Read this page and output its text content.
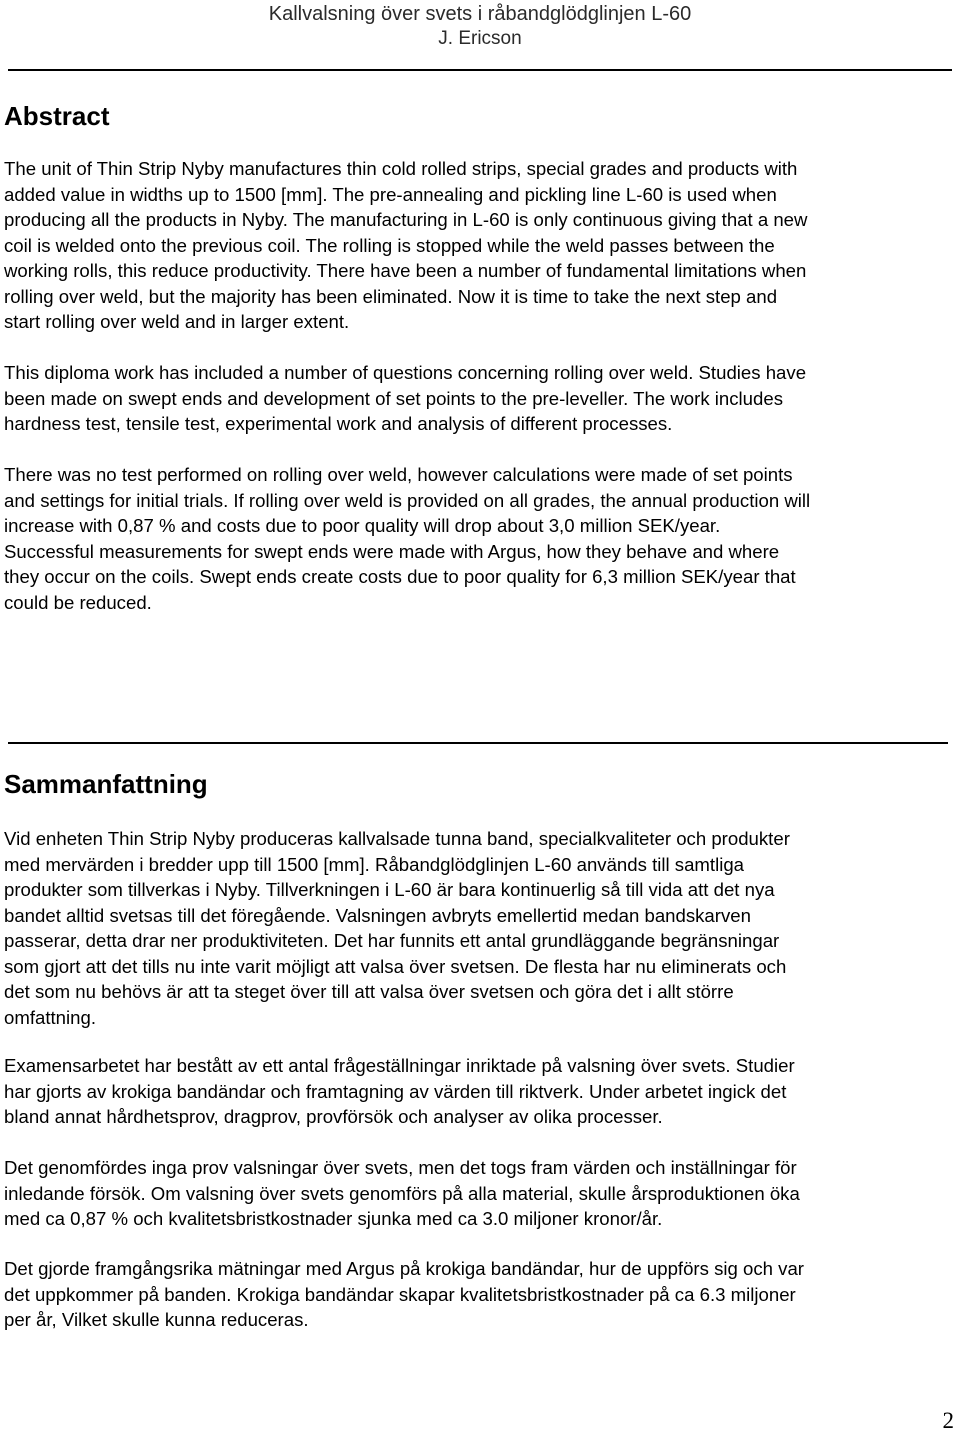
Kallvalsning över svets i råbandglödglinjen L-60
J. Ericson
Abstract

The unit of Thin Strip Nyby manufactures thin cold rolled strips, special grades and products with
added value in widths up to 1500 [mm]. The pre-annealing and pickling line L-60 is used when
producing all the products in Nyby. The manufacturing in L-60 is only continuous giving that a new
coil is welded onto the previous coil. The rolling is stopped while the weld passes between the
working rolls, this reduce productivity. There have been a number of fundamental limitations when
rolling over weld, but the majority has been eliminated. Now it is time to take the next step and
start rolling over weld and in larger extent.

This diploma work has included a number of questions concerning rolling over weld. Studies have
been made on swept ends and development of set points to the pre-leveller. The work includes
hardness test, tensile test, experimental work and analysis of different processes.

There was no test performed on rolling over weld, however calculations were made of set points
and settings for initial trials. If rolling over weld is provided on all grades, the annual production will
increase with 0,87 % and costs due to poor quality will drop about 3,0 million SEK/year.
Successful measurements for swept ends were made with Argus, how they behave and where
they occur on the coils. Swept ends create costs due to poor quality for 6,3 million SEK/year that
could be reduced.

Sammanfattning

Vid enheten Thin Strip Nyby produceras kallvalsade tunna band, specialkvaliteter och produkter
med mervärden i bredder upp till 1500 [mm]. Råbandglödglinjen L-60 används till samtliga
produkter som tillverkas i Nyby. Tillverkningen i L-60 är bara kontinuerlig så till vida att det nya
bandet alltid svetsas till det föregående. Valsningen avbryts emellertid medan bandskarven
passerar, detta drar ner produktiviteten. Det har funnits ett antal grundläggande begränsningar
som gjort att det tills nu inte varit möjligt att valsa över svetsen. De flesta har nu eliminerats och
det som nu behövs är att ta steget över till att valsa över svetsen och göra det i allt större
omfattning.

Examensarbetet har bestått av ett antal frågeställningar inriktade på valsning över svets. Studier
har gjorts av krokiga bandändar och framtagning av värden till riktverk. Under arbetet ingick det
bland annat hårdhetsprov, dragprov, provförsök och analyser av olika processer.

Det genomfördes inga prov valsningar över svets, men det togs fram värden och inställningar för
inledande försök. Om valsning över svets genomförs på alla material, skulle årsproduktionen öka
med ca 0,87 % och kvalitetsbristkostnader sjunka med ca 3.0 miljoner kronor/år.

Det gjorde framgångsrika mätningar med Argus på krokiga bandändar, hur de uppförs sig och var
det uppkommer på banden. Krokiga bandändar skapar kvalitetsbristkostnader på ca 6.3 miljoner
per år, Vilket skulle kunna reduceras.

2
